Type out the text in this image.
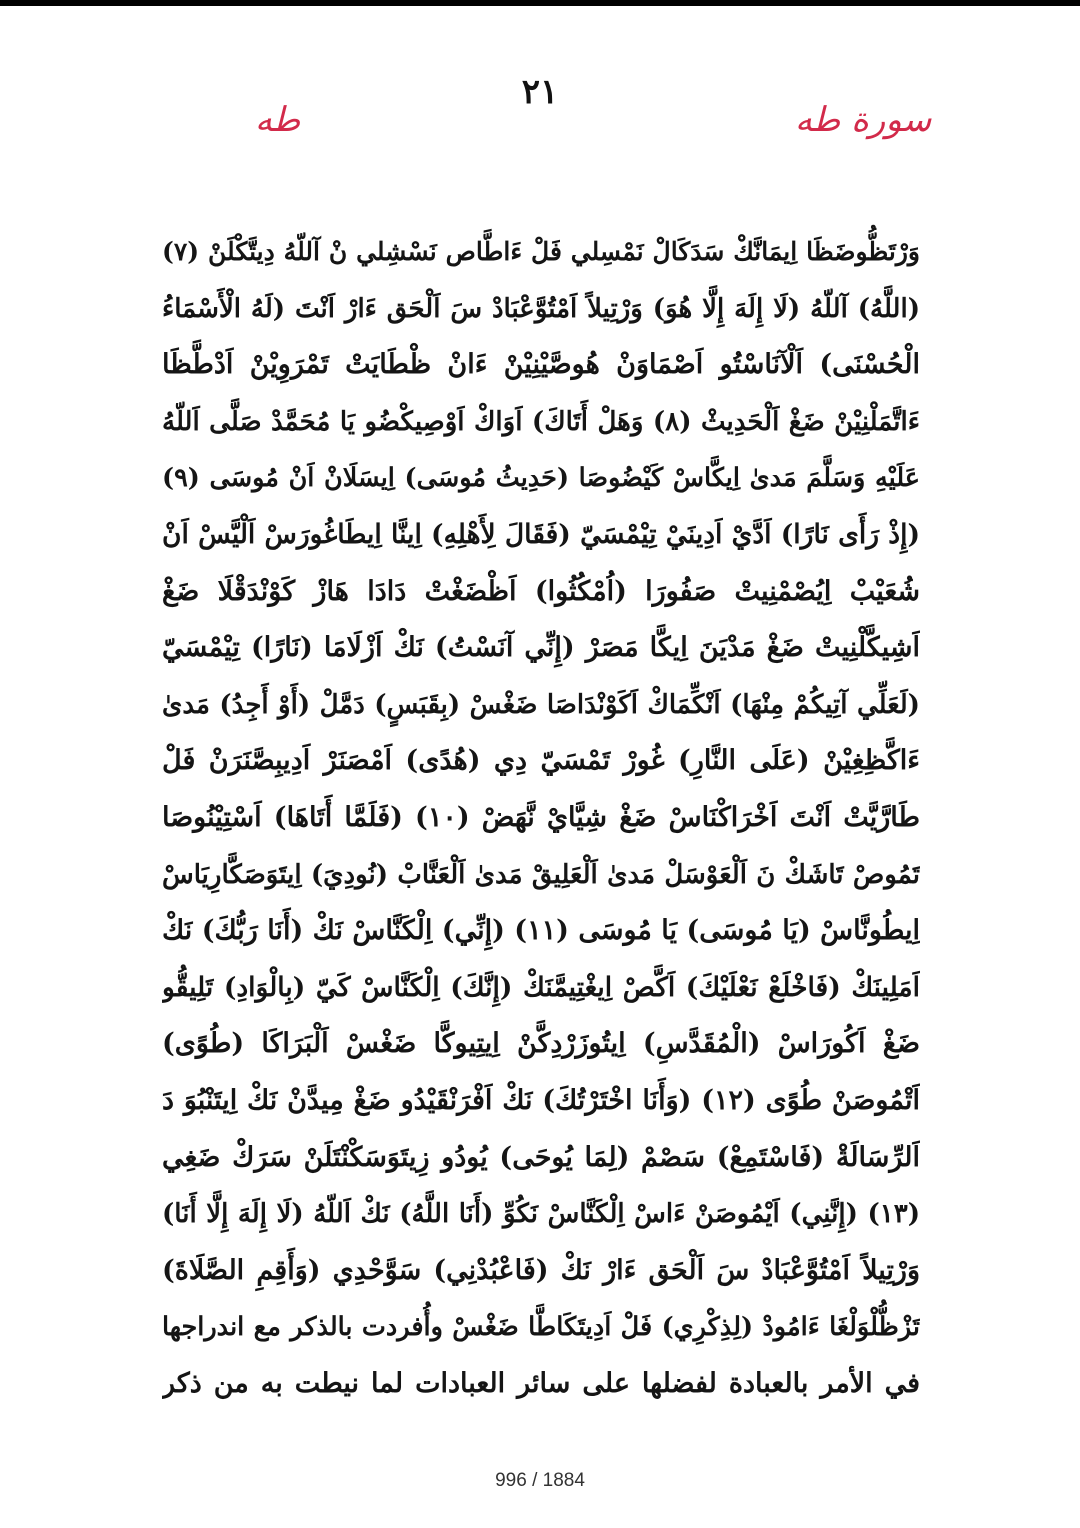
٢١
طه	سورة طه
وَرْتَظُّوضَظَا اِيمَانَّكْ سَدَكَالْ نَمْسِلي فَلْ ءَاطَّاص نَسْشِلي نْ آللّهُ دِيتَّكْلَنْ (٧)
(اللَّهُ) آللّهُ (لَا إِلَهَ إِلَّا هُوَ) وَرْتِيلاً اَمْتُوَّعْبَادْ سَ اَلْحَق ءَارْ اَنْتَ (لَهُ الْأَسْمَاءُ
الْحُسْنَى) اَلْآنَاسْتُو اَصْمَاوَنْ هُوصَّيْنِيْنْ ءَانْ ظْطَايَتْ تَمْرَوِيْنْ اَدْطَّظَا
ءَاتَّمَلْنِيْنْ ضَغْ اَلْحَدِيثْ (٨) وَهَلْ أَتَاكَ) اَوَاكْ اَوْصِيكْضُو يَا مُحَمَّدْ صَلَّى اَللّهُ
عَلَيْهِ وَسَلَّمَ مَدىٰ اِيكَّاسْ كَيْضُوصَا (حَدِيثُ مُوسَى) اِيسَلَانْ اَنْ مُوسَى (٩)
(إِذْ رَأَى نَارًا) اَدَّيْ اَدِينَيْ تِيْمْسَيّ (فَقَالَ لِأَهْلِهِ) اِينَّا اِيطَاغُورَسْ اَلْيَّسْ اَنْ
شُعَيْبْ اِيُصْمْنِيتْ صَفُورَا (اُمْكُثُوا) اَظْضَغْتْ دَادَا هَازْ كَوْنْدَقْلَا ضَغْ
اَشِيكَّلْنِيتْ ضَغْ مَدْيَنَ اِيكَّا مَصَرْ (إِنِّي آنَسْتُ) نَكْ اَزْلَامَا (نَارًا) تِيْمْسَيّ
(لَعَلِّي آتِيكُمْ مِنْهَا) اَنْكِّمَاكْ اَكَوْنْدَاصَا ضَغْسْ (بِقَبَسٍ) دَمَّلْ (أَوْ أَجِدُ) مَدىٰ
ءَاكَّظِغِيْنْ (عَلَى النَّارِ) غُورْ تَمْسَيّ دِي (هُدًى) اَمْصَنَرْ اَدِيبِصَّنَرَنْ فَلْ
طَارَّيَّتْ اَنْتَ اَخْرَاكْنَاسْ ضَغْ شِيَّايْ نَّهَضْ (١٠) (فَلَمَّا أَتَاهَا) اَسْتِيْنُوصَا
تَمُوصْ تَاشَكْ نَ اَلْعَوْسَلْ مَدىٰ اَلْعَلِيقْ مَدىٰ اَلْعَنَّابْ (نُودِيَ) اِيتَوَصَكَّارِيَاسْ
اِيطُونَّاسْ (يَا مُوسَى) يَا مُوسَى (١١) (إِنِّي) اِلْكَنَّاسْ نَكْ (أَنَا رَبُّكَ) نَكْ
اَمَلِينَكْ (فَاخْلَعْ نَعْلَيْكَ) اَكَّصْ اِيغْتِيمَّنَكْ (إِنَّكَ) اِلْكَنَّاسْ كَيّ (بِالْوَادِ) تَلِيقُّو
ضَغْ اَكُورَاسْ (الْمُقَدَّسِ) اِيتُوزَرْدِكَّنْ اِيتِيوكَّا ضَغْسْ اَلْبَرَاكَا (طُوًى)
اَتْمُوصَنْ طُوًى (١٢) (وَأَنَا اخْتَرْتُكَ) نَكْ اَفْرَنْقَيْدُو ضَغْ مِيدَّنْ نَكْ اِيتَنْبُوَ دَ
اَلرِّسَالَةْ (فَاسْتَمِعْ) سَصْمْ (لِمَا يُوحَى) يُودُو زِيتَوَسَكْنْتَلَنْ سَرَكْ ضَغِي
(١٣) (إِنَّنِي) اَيْمُوصَنْ ءَاسْ اِلْكَنَّاسْ نَكُوِّ (أَنَا اللَّهُ) نَكْ اَللّهُ (لَا إِلَهَ إِلَّا أَنَا)
وَرْتِيلاً اَمْتُوَّعْبَادْ سَ اَلْحَق ءَارْ نَكْ (فَاعْبُدْنِي) سَوَّحْدِي (وَأَقِمِ الصَّلَاةَ)
تَزْظُّلْوَلْغَا ءَامُودْ (لِذِكْرِي) فَلْ اَدِيتَكَاطَّا ضَغْسْ وأُفردت بالذكر مع اندراجها
في الأمر بالعبادة لفضلها على سائر العبادات لما نيطت به من ذكر
996 / 1884
